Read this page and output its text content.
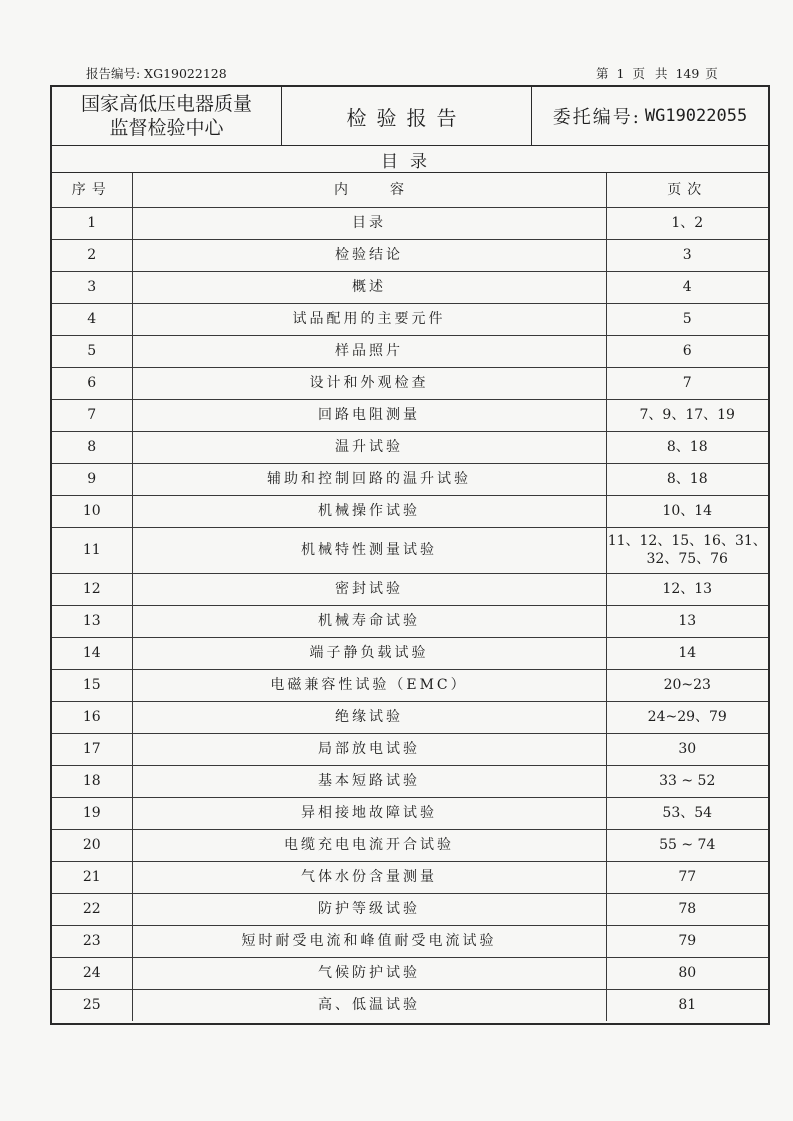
报告编号: XG19022128	第 1 页 共 149 页
国家高低压电器质量
监督检验中心	检验报告	委托编号: WG19022055
目录
序号	内　　　容	页次
1	目录	1、2
2	检验结论	3
3	概述	4
4	试品配用的主要元件	5
5	样品照片	6
6	设计和外观检查	7
7	回路电阻测量	7、9、17、19
8	温升试验	8、18
9	辅助和控制回路的温升试验	8、18
10	机械操作试验	10、14
11	机械特性测量试验	11、12、15、16、31、32、75、76
12	密封试验	12、13
13	机械寿命试验	13
14	端子静负载试验	14
15	电磁兼容性试验（EMC）	20~23
16	绝缘试验	24~29、79
17	局部放电试验	30
18	基本短路试验	33 ~ 52
19	异相接地故障试验	53、54
20	电缆充电电流开合试验	55 ~ 74
21	气体水份含量测量	77
22	防护等级试验	78
23	短时耐受电流和峰值耐受电流试验	79
24	气候防护试验	80
25	高、低温试验	81
